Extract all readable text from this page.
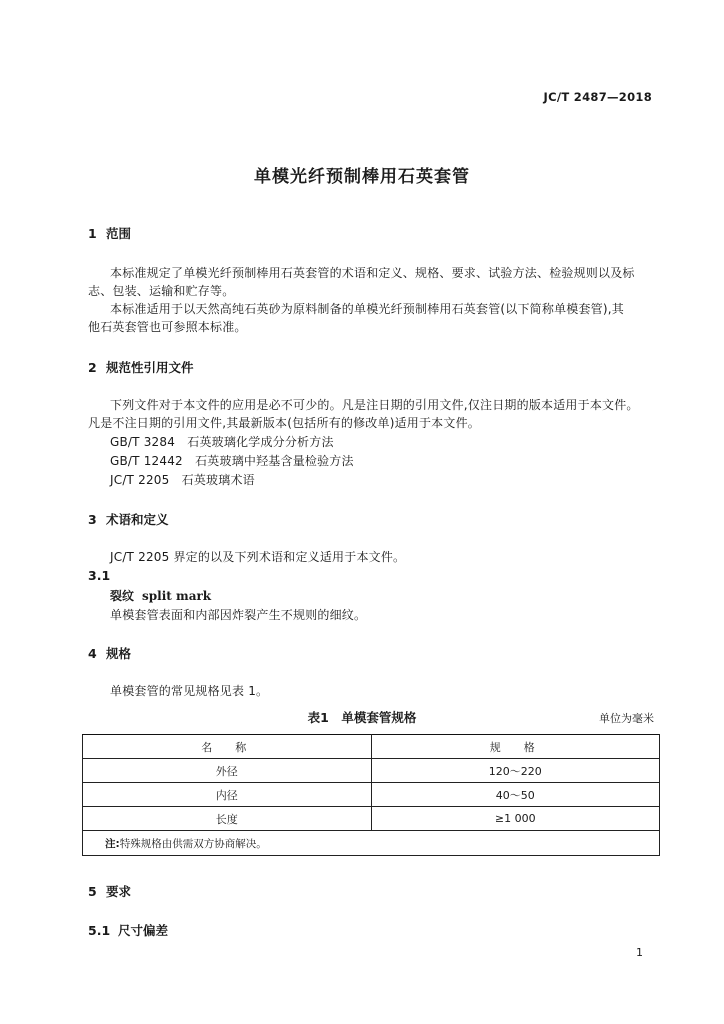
JC/T 2487—2018
单模光纤预制棒用石英套管
1 范围
本标准规定了单模光纤预制棒用石英套管的术语和定义、规格、要求、试验方法、检验规则以及标
志、包装、运输和贮存等。
本标准适用于以天然高纯石英砂为原料制备的单模光纤预制棒用石英套管(以下简称单模套管),其
他石英套管也可参照本标准。
2 规范性引用文件
下列文件对于本文件的应用是必不可少的。凡是注日期的引用文件,仅注日期的版本适用于本文件。
凡是不注日期的引用文件,其最新版本(包括所有的修改单)适用于本文件。
GB/T 3284　石英玻璃化学成分分析方法
GB/T 12442　石英玻璃中羟基含量检验方法
JC/T 2205　石英玻璃术语
3 术语和定义
JC/T 2205 界定的以及下列术语和定义适用于本文件。
3.1
裂纹 split mark
单模套管表面和内部因炸裂产生不规则的细纹。
4 规格
单模套管的常见规格见表 1。
表1　单模套管规格	单位为毫米
名　称	规　格
外径	120～220
内径	40～50
长度	≥1 000
注:特殊规格由供需双方协商解决。	
5 要求
5.1 尺寸偏差
1
